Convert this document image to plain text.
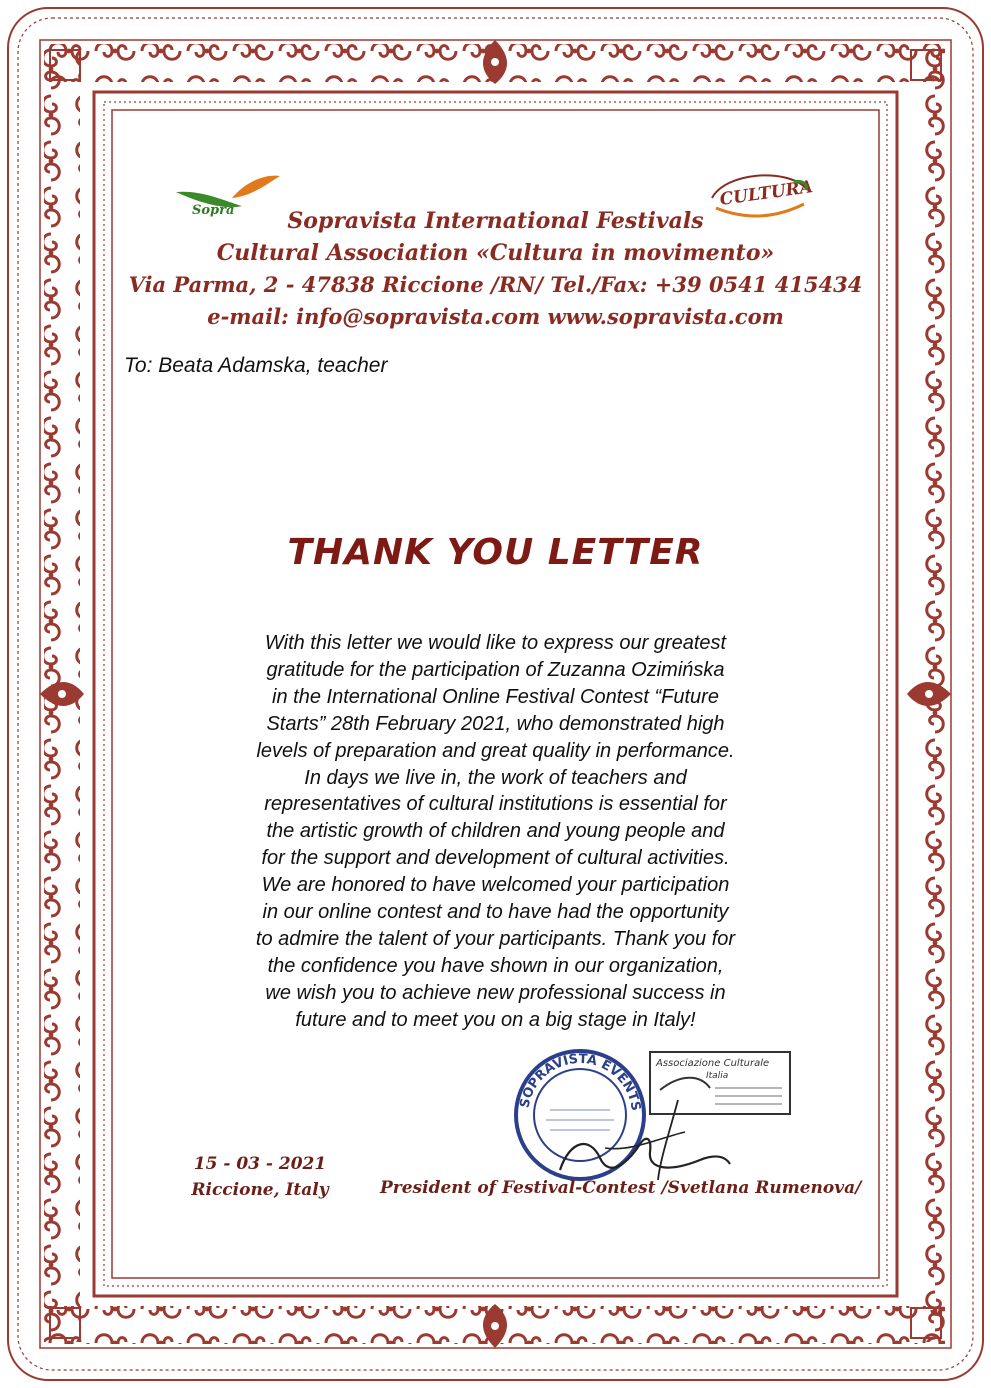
Sopra
CULTURA
Sopravista International Festivals
Cultural Association «Cultura in movimento»
Via Parma, 2 - 47838 Riccione /RN/ Tel./Fax: +39 0541 415434
e-mail: info@sopravista.com www.sopravista.com
To: Beata Adamska, teacher
THANK YOU LETTER
With this letter we would like to express our greatest
gratitude for the participation of Zuzanna Ozimińska
in the International Online Festival Contest “Future
Starts” 28th February 2021, who demonstrated high
levels of preparation and great quality in performance.
In days we live in, the work of teachers and
representatives of cultural institutions is essential for
the artistic growth of children and young people and
for the support and development of cultural activities.
We are honored to have welcomed your participation
in our online contest and to have had the opportunity
to admire the talent of your participants. Thank you for
the confidence you have shown in our organization,
we wish you to achieve new professional success in
future and to meet you on a big stage in Italy!
SOPRAVISTA EVENTS
Associazione Culturale
Italia
15 - 03 - 2021
Riccione, Italy	President of Festival-Contest /Svetlana Rumenova/
